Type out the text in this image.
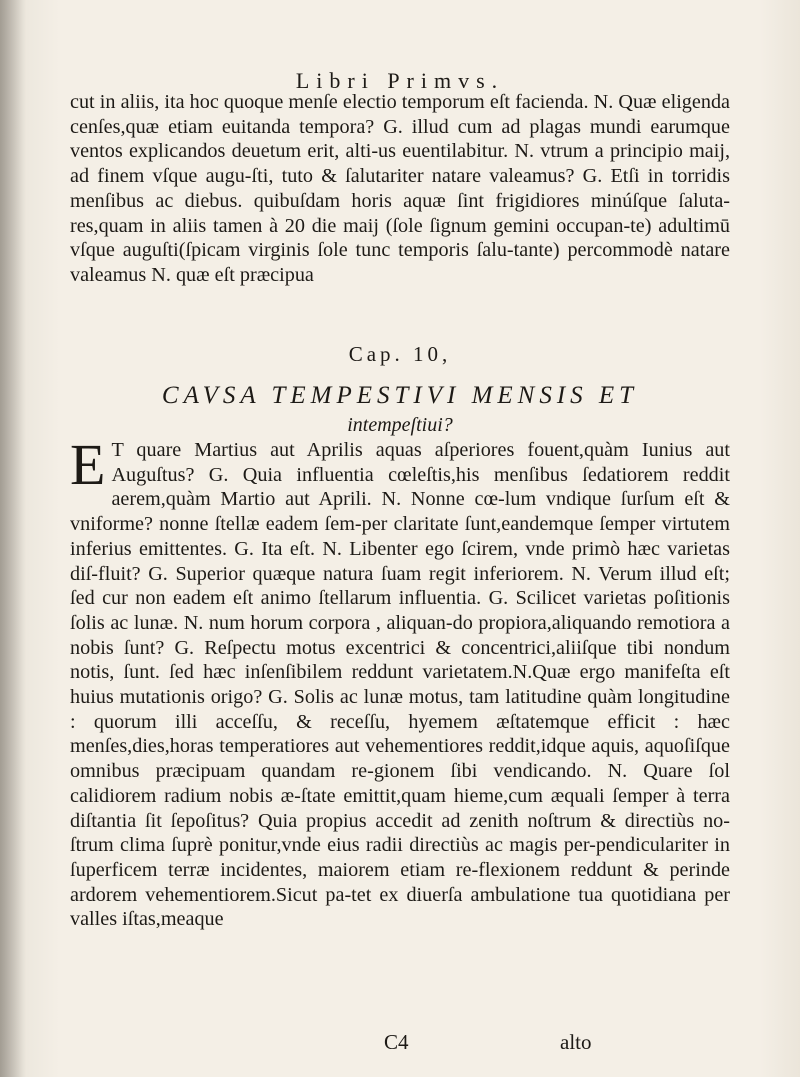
Libri Primvs.

cut in aliis, ita hoc quoque menſe electio temporum eſt facienda. N. Quæ eligenda cenſes,quæ etiam euitanda tempora? G. illud cum ad plagas mundi earumque ventos explicandos deuetum erit, alti-us euentilabitur. N. vtrum a principio maij, ad finem vſque augu-ſti, tuto & ſalutariter natare valeamus? G. Etſi in torridis menſibus ac diebus. quibuſdam horis aquæ ſint frigidiores minúſque ſaluta-res,quam in aliis tamen à 20 die maij (ſole ſignum gemini occupan-te) adultimū vſque auguſti(ſpicam virginis ſole tunc temporis ſalu-tante) percommodè natare valeamus N. quæ eſt præcipua

Cap. 10,
CAVSA TEMPESTIVI MENSIS ET
intempeſtiui?
E T quare Martius aut Aprilis aquas aſperiores fouent,quàm Iunius aut Auguſtus? G. Quia influentia cœleſtis,his menſibus ſedatiorem reddit aerem,quàm Martio aut Aprili. N. Nonne cœ-lum vndique ſurſum eſt & vniforme? nonne ſtellæ eadem ſem-per claritate ſunt,eandemque ſemper virtutem inferius emittentes. G. Ita eſt. N. Libenter ego ſcirem, vnde primò hæc varietas diſ-fluit? G. Superior quæque natura ſuam regit inferiorem. N. Verum illud eſt; ſed cur non eadem eſt animo ſtellarum influentia. G. Scilicet varietas poſitionis ſolis ac lunæ. N. num horum corpora , aliquan-do propiora,aliquando remotiora a nobis ſunt? G. Reſpectu motus excentrici & concentrici,aliiſque tibi nondum notis, ſunt. ſed hæc inſenſibilem reddunt varietatem.N.Quæ ergo manifeſta eſt huius mutationis origo? G. Solis ac lunæ motus, tam latitudine quàm longitudine : quorum illi acceſſu, & receſſu, hyemem æſtatemque efficit : hæc menſes,dies,horas temperatiores aut vehementiores reddit,idque aquis, aquoſiſque omnibus præcipuam quandam re-gionem ſibi vendicando. N. Quare ſol calidiorem radium nobis æ-ſtate emittit,quam hieme,cum æquali ſemper à terra diſtantia ſit ſepoſitus? Quia propius accedit ad zenith noſtrum & directiùs no-ſtrum clima ſuprè ponitur,vnde eius radii directiùs ac magis per-pendiculariter in ſuperficem terræ incidentes, maiorem etiam re-flexionem reddunt & perinde ardorem vehementiorem.Sicut pa-tet ex diuerſa ambulatione tua quotidiana per valles iſtas,meaque

C4	alto
